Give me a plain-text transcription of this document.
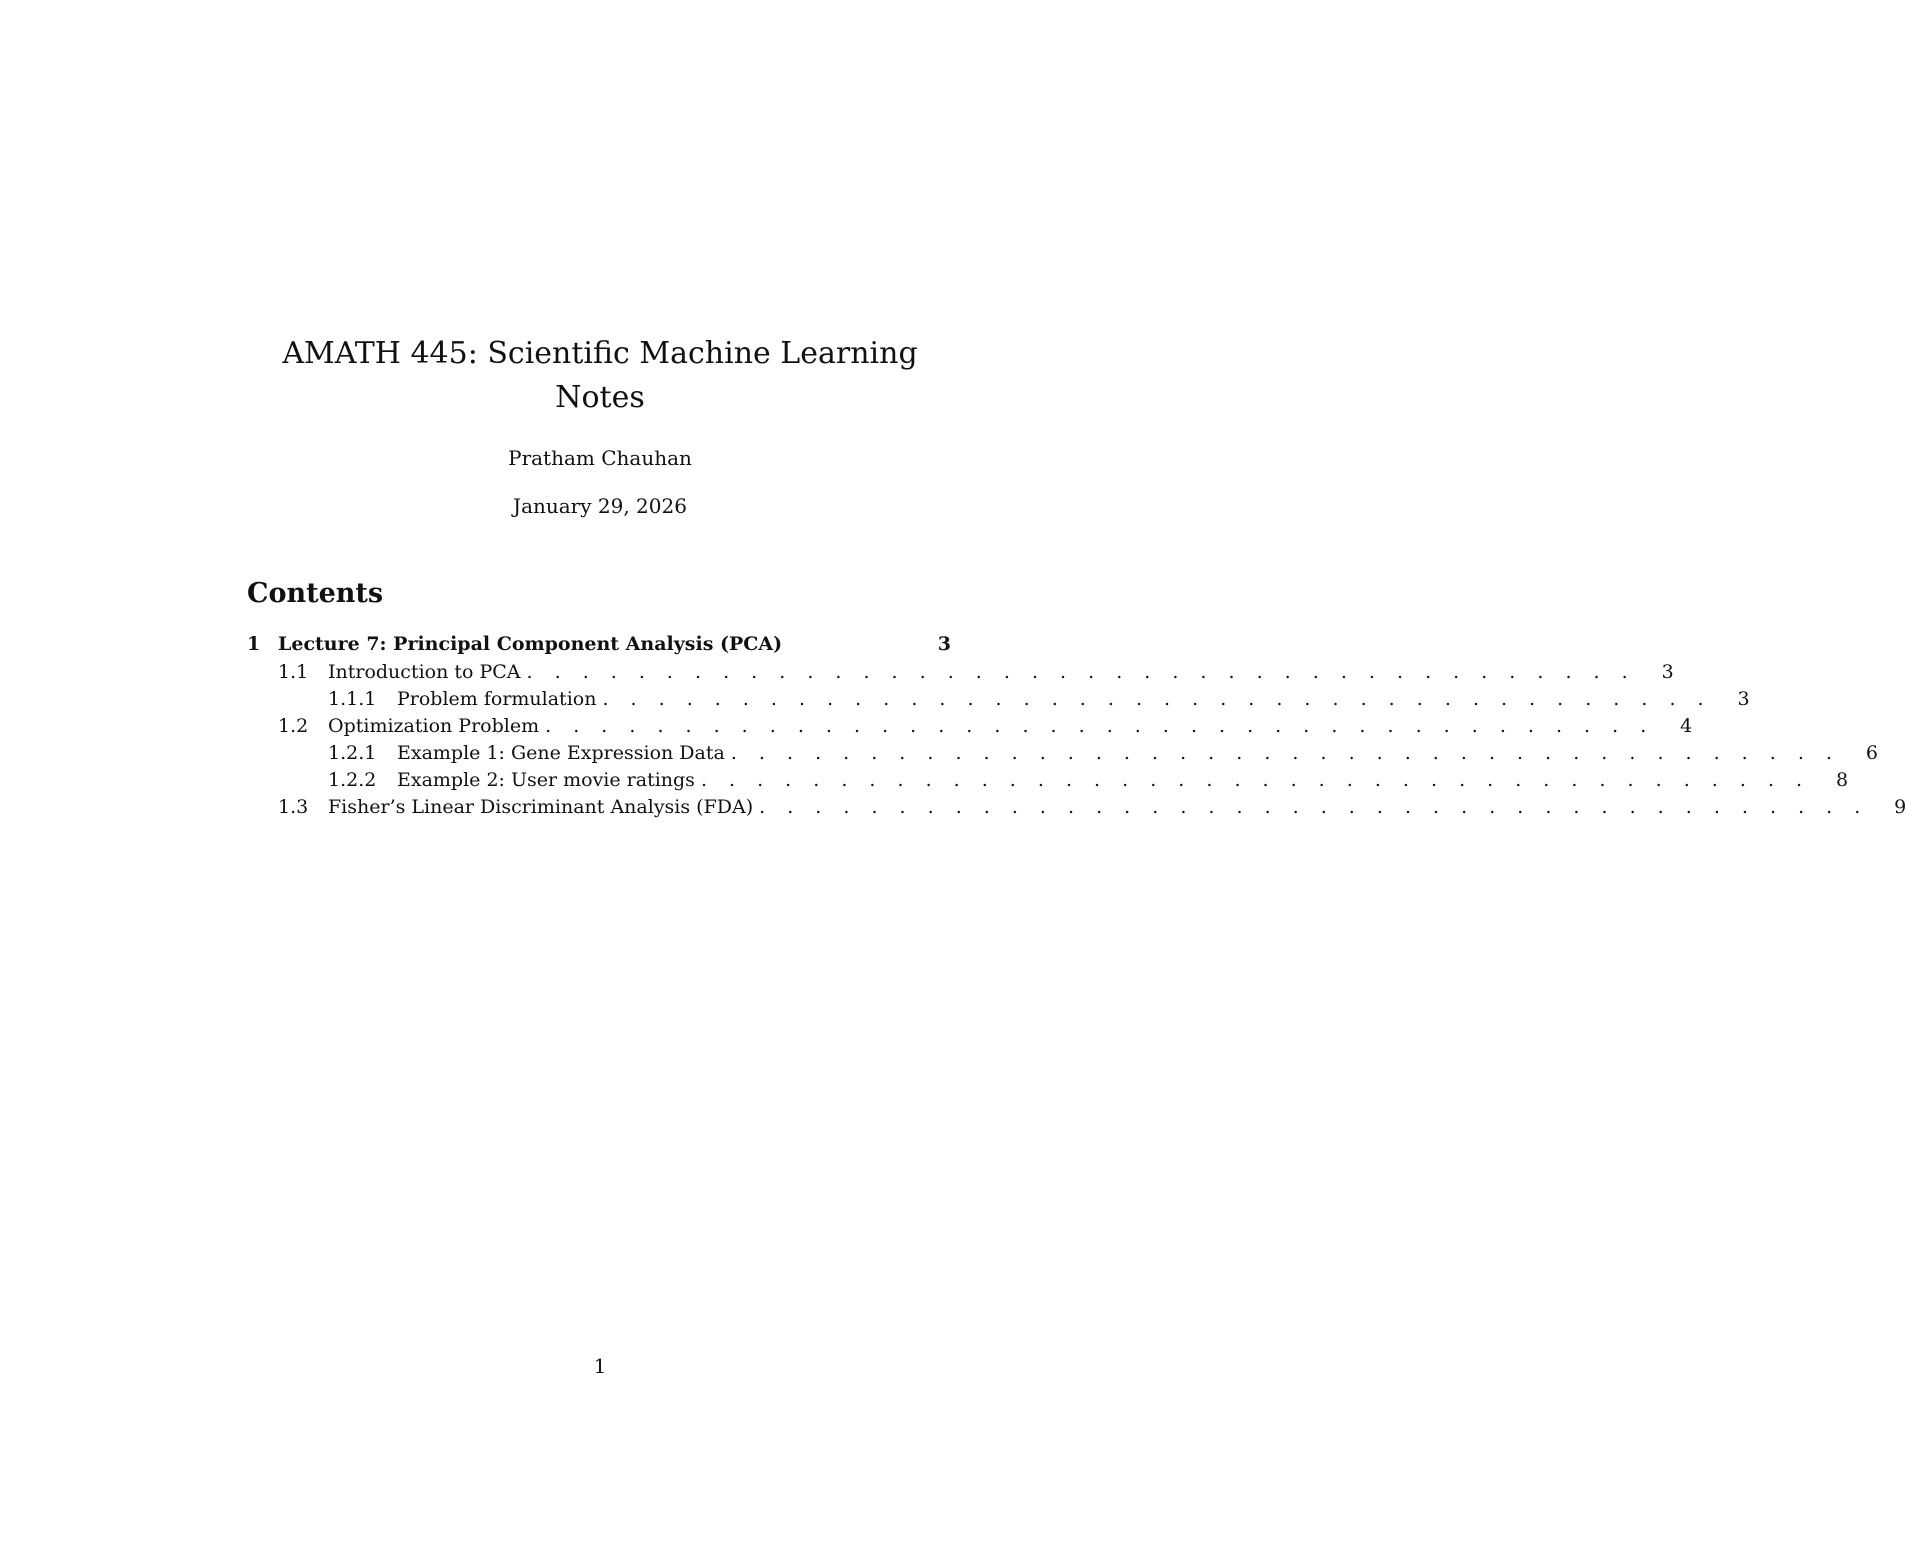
AMATH 445: Scientific Machine Learning
Notes
Pratham Chauhan
January 29, 2026
Contents
1 Lecture 7: Principal Component Analysis (PCA)	3
1.1	Introduction to PCA . . . . . . . . . . . . . . . . . . . . . . . . . . . . . . . . . . . . . . . .	3
1.1.1	Problem formulation . . . . . . . . . . . . . . . . . . . . . . . . . . . . . . . . . . . . . . . .	3
1.2	Optimization Problem . . . . . . . . . . . . . . . . . . . . . . . . . . . . . . . . . . . . . . . .	4
1.2.1	Example 1: Gene Expression Data . . . . . . . . . . . . . . . . . . . . . . . . . . . . . . . . . . . . . . . .	6
1.2.2	Example 2: User movie ratings . . . . . . . . . . . . . . . . . . . . . . . . . . . . . . . . . . . . . . . .	8
1.3	Fisher’s Linear Discriminant Analysis (FDA) . . . . . . . . . . . . . . . . . . . . . . . . . . . . . . . . . . . . . . . .	9
1
